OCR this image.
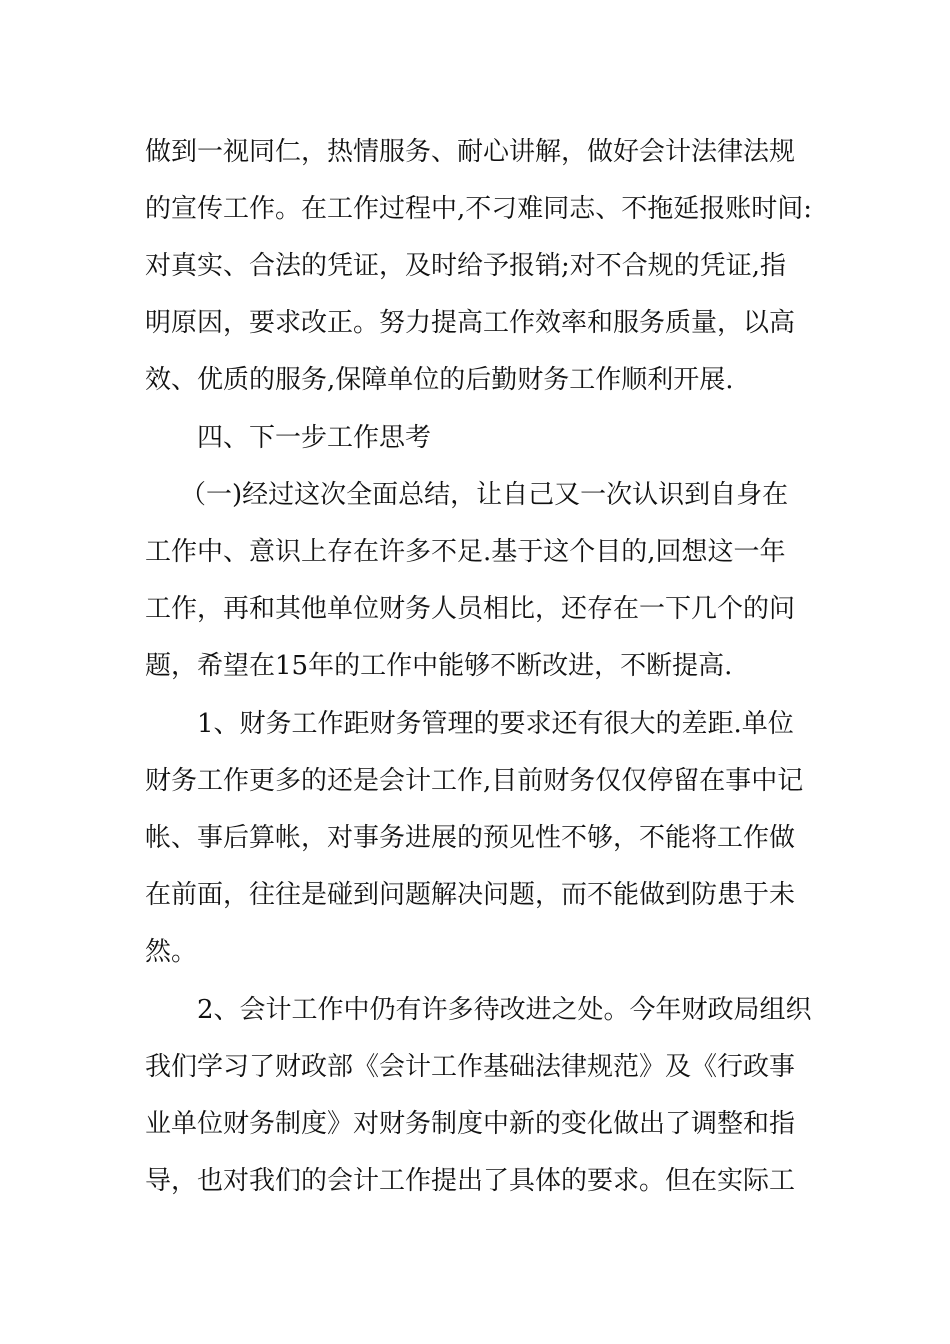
做到一视同仁，热情服务、耐心讲解，做好会计法律法规
的宣传工作。在工作过程中,不刁难同志、不拖延报账时间:
对真实、合法的凭证，及时给予报销;对不合规的凭证,指
明原因，要求改正。努力提高工作效率和服务质量，以高
效、优质的服务,保障单位的后勤财务工作顺利开展.
四、下一步工作思考
（一)经过这次全面总结，让自己又一次认识到自身在
工作中、意识上存在许多不足.基于这个目的,回想这一年
工作，再和其他单位财务人员相比，还存在一下几个的问
题，希望在15年的工作中能够不断改进，不断提高.
1、财务工作距财务管理的要求还有很大的差距.单位
财务工作更多的还是会计工作,目前财务仅仅停留在事中记
帐、事后算帐，对事务进展的预见性不够，不能将工作做
在前面，往往是碰到问题解决问题，而不能做到防患于未
然。
2、会计工作中仍有许多待改进之处。今年财政局组织
我们学习了财政部《会计工作基础法律规范》及《行政事
业单位财务制度》对财务制度中新的变化做出了调整和指
导，也对我们的会计工作提出了具体的要求。但在实际工
